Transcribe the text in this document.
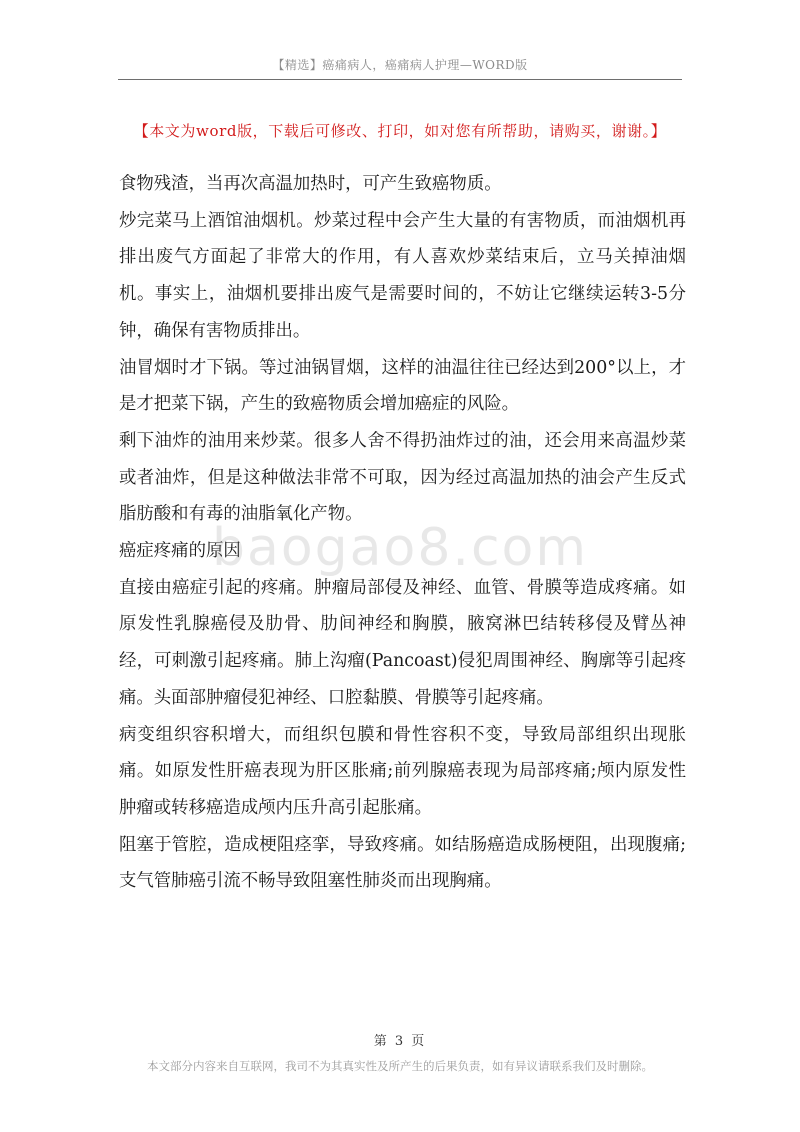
【精选】癌痛病人，癌痛病人护理—WORD版
【本文为word版，下载后可修改、打印，如对您有所帮助，请购买，谢谢。】

食物残渣，当再次高温加热时，可产生致癌物质。

炒完菜马上酒馆油烟机。炒菜过程中会产生大量的有害物质，而油烟机再排出废气方面起了非常大的作用，有人喜欢炒菜结束后，立马关掉油烟机。事实上，油烟机要排出废气是需要时间的，不妨让它继续运转3-5分钟，确保有害物质排出。

油冒烟时才下锅。等过油锅冒烟，这样的油温往往已经达到200°以上，才是才把菜下锅，产生的致癌物质会增加癌症的风险。

剩下油炸的油用来炒菜。很多人舍不得扔油炸过的油，还会用来高温炒菜或者油炸，但是这种做法非常不可取，因为经过高温加热的油会产生反式脂肪酸和有毒的油脂氧化产物。

癌症疼痛的原因

直接由癌症引起的疼痛。肿瘤局部侵及神经、血管、骨膜等造成疼痛。如原发性乳腺癌侵及肋骨、肋间神经和胸膜，腋窝淋巴结转移侵及臂丛神经，可刺激引起疼痛。肺上沟瘤(Pancoast)侵犯周围神经、胸廓等引起疼痛。头面部肿瘤侵犯神经、口腔黏膜、骨膜等引起疼痛。

病变组织容积增大，而组织包膜和骨性容积不变，导致局部组织出现胀痛。如原发性肝癌表现为肝区胀痛;前列腺癌表现为局部疼痛;颅内原发性肿瘤或转移癌造成颅内压升高引起胀痛。

阻塞于管腔，造成梗阻痉挛，导致疼痛。如结肠癌造成肠梗阻，出现腹痛;支气管肺癌引流不畅导致阻塞性肺炎而出现胸痛。

baogao8.com
第 3 页
本文部分内容来自互联网，我司不为其真实性及所产生的后果负责，如有异议请联系我们及时删除。
